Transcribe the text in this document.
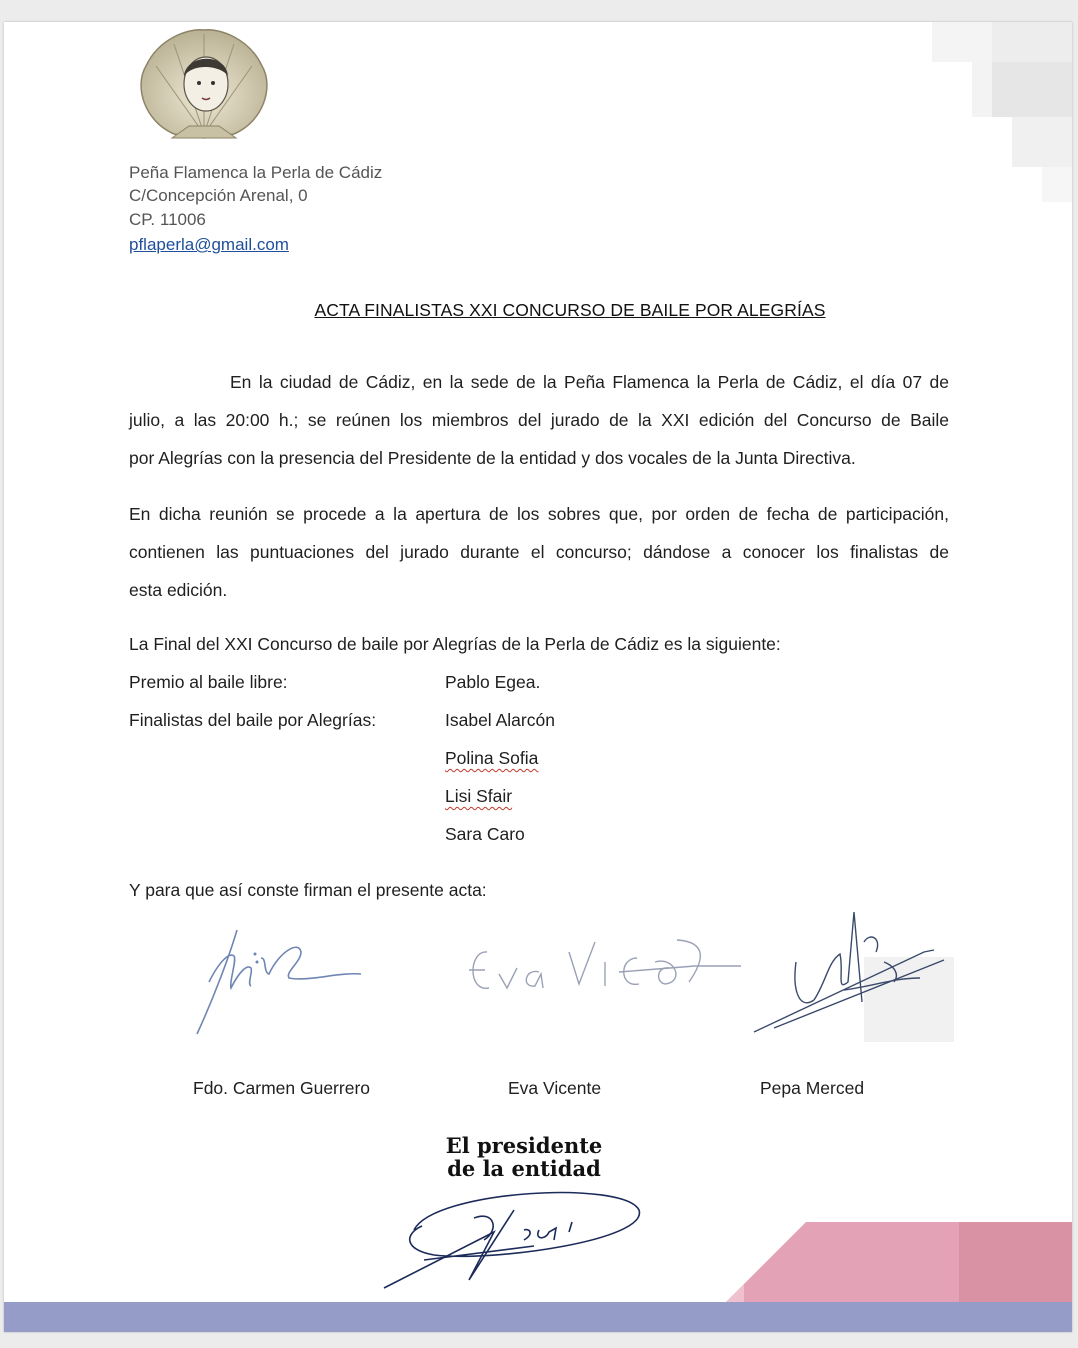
Peña Flamenca la Perla de Cádiz
C/Concepción Arenal, 0
CP. 11006
pflaperla@gmail.com
ACTA FINALISTAS XXI CONCURSO DE BAILE POR ALEGRÍAS
En la ciudad de Cádiz, en la sede de la Peña Flamenca la Perla de Cádiz, el día 07 de
julio, a las 20:00 h.; se reúnen los miembros del jurado de la XXI edición del Concurso de Baile
por Alegrías con la presencia del Presidente de la entidad y dos vocales de la Junta Directiva.
En dicha reunión se procede a la apertura de los sobres que, por orden de fecha de participación,
contienen las puntuaciones del jurado durante el concurso; dándose a conocer los finalistas de
esta edición.
La Final del XXI Concurso de baile por Alegrías de la Perla de Cádiz es la siguiente:
Premio al baile libre:	Pablo Egea.
Finalistas del baile por Alegrías:	Isabel Alarcón
Polina Sofia
Lisi Sfair
Sara Caro
Y para que así conste firman el presente acta:
Fdo. Carmen Guerrero	Eva Vicente	Pepa Merced
El presidente
de la entidad
